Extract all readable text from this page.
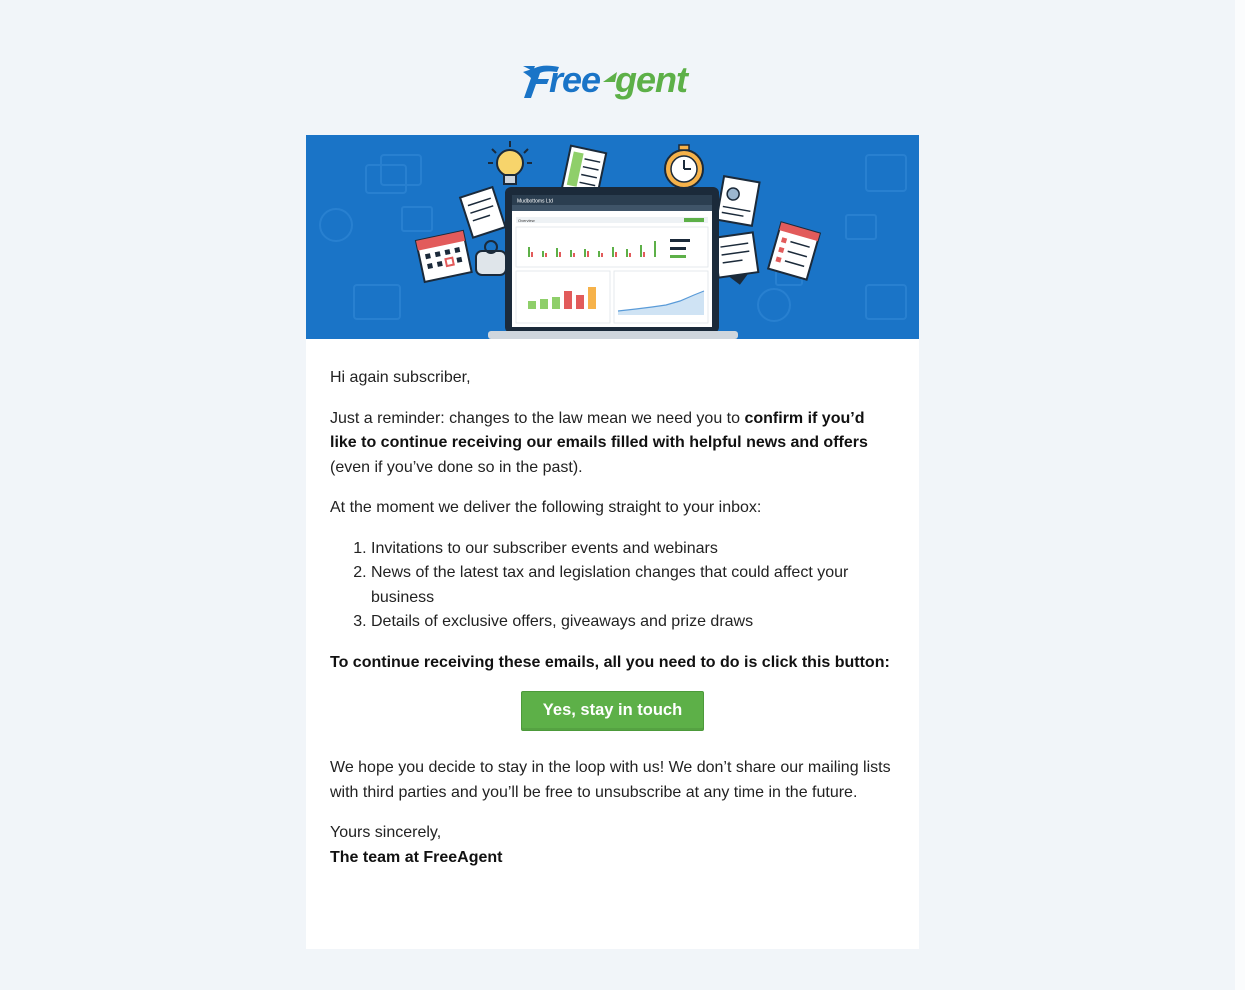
ree gent
Mudbottoms Ltd
Overview

Hi again subscriber,

Just a reminder: changes to the law mean we need you to confirm if you’d like to continue receiving our emails filled with helpful news and offers (even if you’ve done so in the past).

At the moment we deliver the following straight to your inbox:

1. Invitations to our subscriber events and webinars
2. News of the latest tax and legislation changes that could affect your business
3. Details of exclusive offers, giveaways and prize draws

To continue receiving these emails, all you need to do is click this button:

Yes, stay in touch

We hope you decide to stay in the loop with us! We don’t share our mailing lists with third parties and you’ll be free to unsubscribe at any time in the future.

Yours sincerely,
The team at FreeAgent
